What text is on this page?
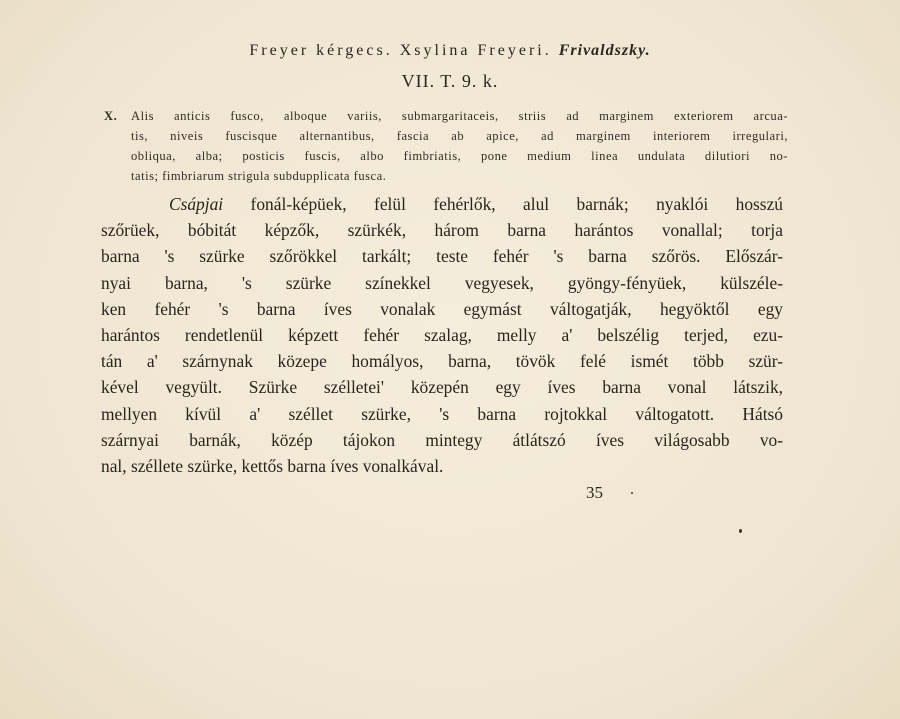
Freyer kérgecs. Xsylina Freyeri. Frivaldszky.
VII. T. 9. k.
X. Alis anticis fusco, alboque variis, submargaritaceis, striis ad marginem exteriorem arcua-
tis, niveis fuscisque alternantibus, fascia ab apice, ad marginem interiorem irregulari,
obliqua, alba; posticis fuscis, albo fimbriatis, pone medium linea undulata dilutiori no-
tatis; fimbriarum strigula subdupplicata fusca.
Csápjai fonál-képüek, felül fehérlők, alul barnák; nyaklói hosszú
szőrüek, bóbitát képzők, szürkék, három barna harántos vonallal; torja
barna 's szürke szőrökkel tarkált; teste fehér 's barna szőrös. Előszár-
nyai barna, 's szürke színekkel vegyesek, gyöngy-fényüek, külszéle-
ken fehér 's barna íves vonalak egymást váltogatják, hegyöktől egy
harántos rendetlenül képzett fehér szalag, melly a' belszélig terjed, ezu-
tán a' szárnynak közepe homályos, barna, tövök felé ismét több szür-
kével vegyült. Szürke szélletei' közepén egy íves barna vonal látszik,
mellyen kívül a' széllet szürke, 's barna rojtokkal váltogatott. Hátsó
szárnyai barnák, közép tájokon mintegy átlátszó íves világosabb vo-
nal, széllete szürke, kettős barna íves vonalkával.
35
